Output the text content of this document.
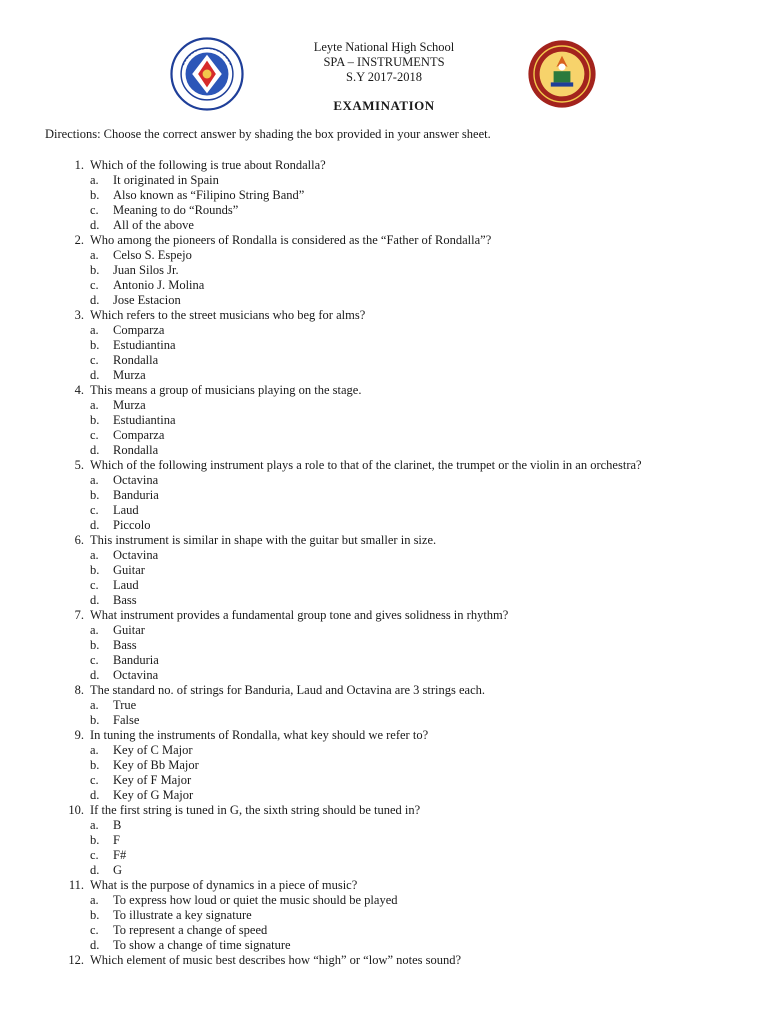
Leyte National High School
SPA – INSTRUMENTS
S.Y 2017-2018
EXAMINATION
Directions: Choose the correct answer by shading the box provided in your answer sheet.
1. Which of the following is true about Rondalla?
a. It originated in Spain
b. Also known as “Filipino String Band”
c. Meaning to do “Rounds”
d. All of the above
2. Who among the pioneers of Rondalla is considered as the “Father of Rondalla”?
a. Celso S. Espejo
b. Juan Silos Jr.
c. Antonio J. Molina
d. Jose Estacion
3. Which refers to the street musicians who beg for alms?
a. Comparza
b. Estudiantina
c. Rondalla
d. Murza
4. This means a group of musicians playing on the stage.
a. Murza
b. Estudiantina
c. Comparza
d. Rondalla
5. Which of the following instrument plays a role to that of the clarinet, the trumpet or the violin in an orchestra?
a. Octavina
b. Banduria
c. Laud
d. Piccolo
6. This instrument is similar in shape with the guitar but smaller in size.
a. Octavina
b. Guitar
c. Laud
d. Bass
7. What instrument provides a fundamental group tone and gives solidness in rhythm?
a. Guitar
b. Bass
c. Banduria
d. Octavina
8. The standard no. of strings for Banduria, Laud and Octavina are 3 strings each.
a. True
b. False
9. In tuning the instruments of Rondalla, what key should we refer to?
a. Key of C Major
b. Key of Bb Major
c. Key of F Major
d. Key of G Major
10. If the first string is tuned in G, the sixth string should be tuned in?
a. B
b. F
c. F#
d. G
11. What is the purpose of dynamics in a piece of music?
a. To express how loud or quiet the music should be played
b. To illustrate a key signature
c. To represent a change of speed
d. To show a change of time signature
12. Which element of music best describes how “high” or “low” notes sound?
